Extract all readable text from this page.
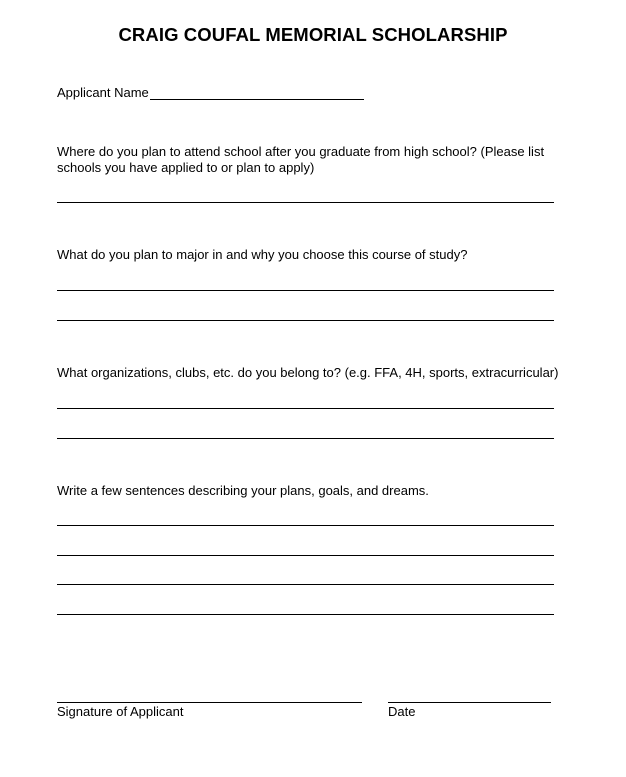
CRAIG COUFAL MEMORIAL SCHOLARSHIP
Applicant Name
Where do you plan to attend school after you graduate from high school? (Please list
schools you have applied to or plan to apply)
What do you plan to major in and why you choose this course of study?
What organizations, clubs, etc. do you belong to? (e.g. FFA, 4H, sports, extracurricular)
Write a few sentences describing your plans, goals, and dreams.
Signature of Applicant	Date
